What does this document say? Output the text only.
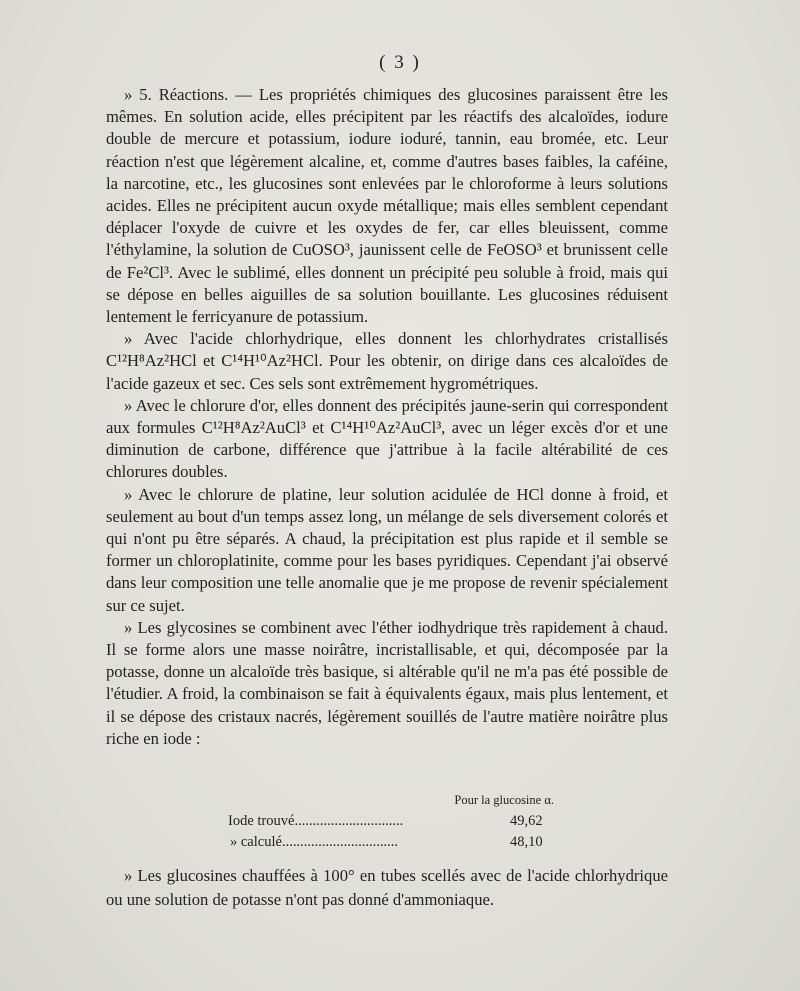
( 3 )

» 5. Réactions. — Les propriétés chimiques des glucosines paraissent être les mêmes. En solution acide, elles précipitent par les réactifs des alcaloïdes, iodure double de mercure et potassium, iodure ioduré, tannin, eau bromée, etc. Leur réaction n'est que légèrement alcaline, et, comme d'autres bases faibles, la caféine, la narcotine, etc., les glucosines sont enlevées par le chloroforme à leurs solutions acides. Elles ne précipitent aucun oxyde métallique; mais elles semblent cependant déplacer l'oxyde de cuivre et les oxydes de fer, car elles bleuissent, comme l'éthylamine, la solution de CuOSO³, jaunissent celle de FeOSO³ et brunissent celle de Fe²Cl³. Avec le sublimé, elles donnent un précipité peu soluble à froid, mais qui se dépose en belles aiguilles de sa solution bouillante. Les glucosines réduisent lentement le ferricyanure de potassium.

» Avec l'acide chlorhydrique, elles donnent les chlorhydrates cristallisés C¹²H⁸Az²HCl et C¹⁴H¹⁰Az²HCl. Pour les obtenir, on dirige dans ces alcaloïdes de l'acide gazeux et sec. Ces sels sont extrêmement hygrométriques.

» Avec le chlorure d'or, elles donnent des précipités jaune-serin qui correspondent aux formules C¹²H⁸Az²AuCl³ et C¹⁴H¹⁰Az²AuCl³, avec un léger excès d'or et une diminution de carbone, différence que j'attribue à la facile altérabilité de ces chlorures doubles.

» Avec le chlorure de platine, leur solution acidulée de HCl donne à froid, et seulement au bout d'un temps assez long, un mélange de sels diversement colorés et qui n'ont pu être séparés. A chaud, la précipitation est plus rapide et il semble se former un chloroplatinite, comme pour les bases pyridiques. Cependant j'ai observé dans leur composition une telle anomalie que je me propose de revenir spécialement sur ce sujet.

» Les glycosines se combinent avec l'éther iodhydrique très rapidement à chaud. Il se forme alors une masse noirâtre, incristallisable, et qui, décomposée par la potasse, donne un alcaloïde très basique, si altérable qu'il ne m'a pas été possible de l'étudier. A froid, la combinaison se fait à équivalents égaux, mais plus lentement, et il se dépose des cristaux nacrés, légèrement souillés de l'autre matière noirâtre plus riche en iode :

Pour la glucosine α.
Iode trouvé..............................	49,62
» calculé................................	48,10

» Les glucosines chauffées à 100° en tubes scellés avec de l'acide chlorhydrique ou une solution de potasse n'ont pas donné d'ammoniaque.
